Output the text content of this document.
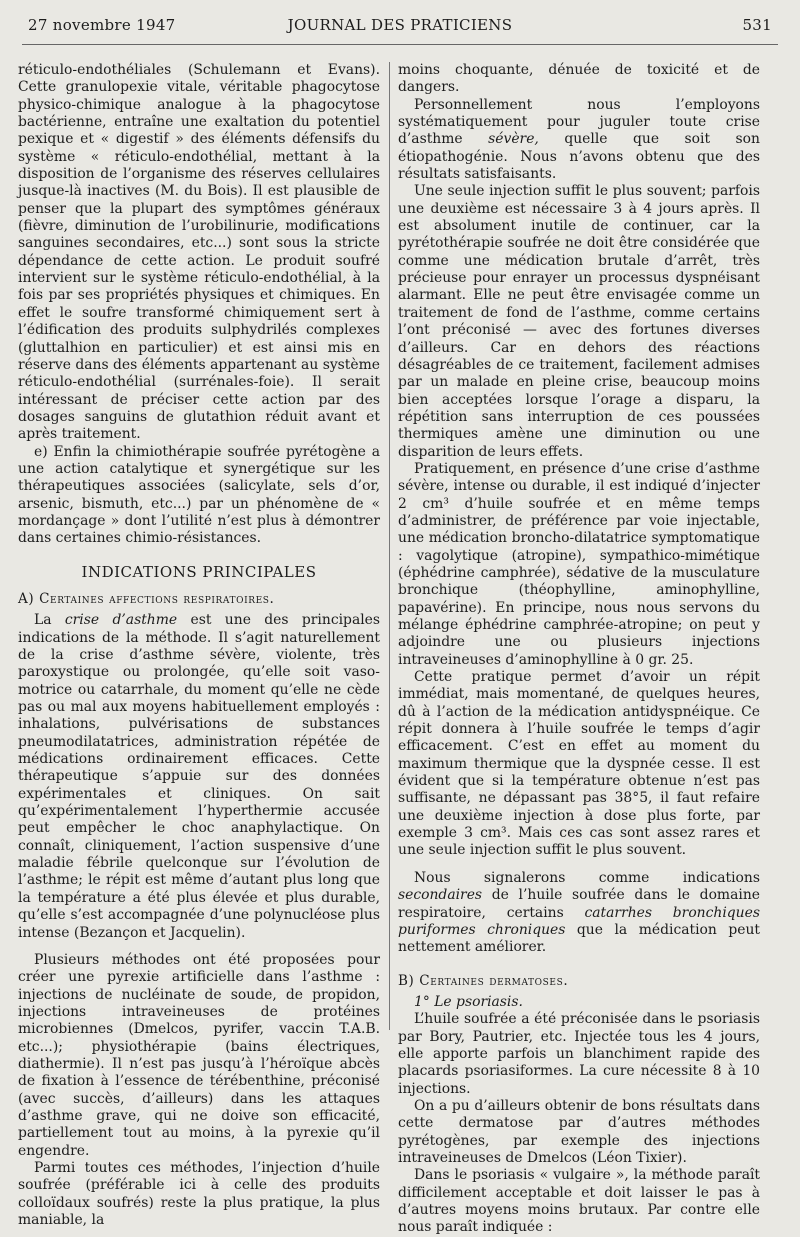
27 novembre 1947	JOURNAL DES PRATICIENS	531

réticulo-endothéliales (Schulemann et Evans). Cette granulopexie vitale, véritable phagocytose physico-chimique analogue à la phagocytose bactérienne, entraîne une exaltation du potentiel pexique et « digestif » des éléments défensifs du système « réticulo-endothélial, mettant à la disposition de l’organisme des réserves cellulaires jusque-là inactives (M. du Bois). Il est plausible de penser que la plupart des symptômes généraux (fièvre, diminution de l’urobilinurie, modifications sanguines secondaires, etc...) sont sous la stricte dépendance de cette action. Le produit soufré intervient sur le système réticulo-endothélial, à la fois par ses propriétés physiques et chimiques. En effet le soufre transformé chimiquement sert à l’édification des produits sulphydrilés complexes (gluttalhion en particulier) et est ainsi mis en réserve dans des éléments appartenant au système réticulo-endothélial (surrénales-foie). Il serait intéressant de préciser cette action par des dosages sanguins de glutathion réduit avant et après traitement.

e) Enfin la chimiothérapie soufrée pyrétogène a une action catalytique et synergétique sur les thérapeutiques associées (salicylate, sels d’or, arsenic, bismuth, etc...) par un phénomène de « mordançage » dont l’utilité n’est plus à démontrer dans certaines chimio-résistances.

INDICATIONS PRINCIPALES

A) Certaines affections respiratoires.

La crise d’asthme est une des principales indications de la méthode. Il s’agit naturellement de la crise d’asthme sévère, violente, très paroxystique ou prolongée, qu’elle soit vaso-motrice ou catarrhale, du moment qu’elle ne cède pas ou mal aux moyens habituellement employés : inhalations, pulvérisations de substances pneumodilatatrices, administration répétée de médications ordinairement efficaces. Cette thérapeutique s’appuie sur des données expérimentales et cliniques. On sait qu’expérimentalement l’hyperthermie accusée peut empêcher le choc anaphylactique. On connaît, cliniquement, l’action suspensive d’une maladie fébrile quelconque sur l’évolution de l’asthme; le répit est même d’autant plus long que la température a été plus élevée et plus durable, qu’elle s’est accompagnée d’une polynucléose plus intense (Bezançon et Jacquelin).

Plusieurs méthodes ont été proposées pour créer une pyrexie artificielle dans l’asthme : injections de nucléinate de soude, de propidon, injections intraveineuses de protéines microbiennes (Dmelcos, pyrifer, vaccin T.A.B. etc...); physiothérapie (bains électriques, diathermie). Il n’est pas jusqu’à l’héroïque abcès de fixation à l’essence de térébenthine, préconisé (avec succès, d’ailleurs) dans les attaques d’asthme grave, qui ne doive son efficacité, partiellement tout au moins, à la pyrexie qu’il engendre.

Parmi toutes ces méthodes, l’injection d’huile soufrée (préférable ici à celle des produits colloïdaux soufrés) reste la plus pratique, la plus maniable, la

moins choquante, dénuée de toxicité et de dangers.

Personnellement nous l’employons systématiquement pour juguler toute crise d’asthme sévère, quelle que soit son étiopathogénie. Nous n’avons obtenu que des résultats satisfaisants.

Une seule injection suffit le plus souvent; parfois une deuxième est nécessaire 3 à 4 jours après. Il est absolument inutile de continuer, car la pyrétothérapie soufrée ne doit être considérée que comme une médication brutale d’arrêt, très précieuse pour enrayer un processus dyspnéisant alarmant. Elle ne peut être envisagée comme un traitement de fond de l’asthme, comme certains l’ont préconisé — avec des fortunes diverses d’ailleurs. Car en dehors des réactions désagréables de ce traitement, facilement admises par un malade en pleine crise, beaucoup moins bien acceptées lorsque l’orage a disparu, la répétition sans interruption de ces poussées thermiques amène une diminution ou une disparition de leurs effets.

Pratiquement, en présence d’une crise d’asthme sévère, intense ou durable, il est indiqué d’injecter 2 cm³ d’huile soufrée et en même temps d’administrer, de préférence par voie injectable, une médication broncho-dilatatrice symptomatique : vagolytique (atropine), sympathico-mimétique (éphédrine camphrée), sédative de la musculature bronchique (théophylline, aminophylline, papavérine). En principe, nous nous servons du mélange éphédrine camphrée-atropine; on peut y adjoindre une ou plusieurs injections intraveineuses d’aminophylline à 0 gr. 25.

Cette pratique permet d’avoir un répit immédiat, mais momentané, de quelques heures, dû à l’action de la médication antidyspnéique. Ce répit donnera à l’huile soufrée le temps d’agir efficacement. C’est en effet au moment du maximum thermique que la dyspnée cesse. Il est évident que si la température obtenue n’est pas suffisante, ne dépassant pas 38°5, il faut refaire une deuxième injection à dose plus forte, par exemple 3 cm³. Mais ces cas sont assez rares et une seule injection suffit le plus souvent.

Nous signalerons comme indications secondaires de l’huile soufrée dans le domaine respiratoire, certains catarrhes bronchiques puriformes chroniques que la médication peut nettement améliorer.

B) Certaines dermatoses.

1° Le psoriasis.

L’huile soufrée a été préconisée dans le psoriasis par Bory, Pautrier, etc. Injectée tous les 4 jours, elle apporte parfois un blanchiment rapide des placards psoriasiformes. La cure nécessite 8 à 10 injections.

On a pu d’ailleurs obtenir de bons résultats dans cette dermatose par d’autres méthodes pyrétogènes, par exemple des injections intraveineuses de Dmelcos (Léon Tixier).

Dans le psoriasis « vulgaire », la méthode paraît difficilement acceptable et doit laisser le pas à d’autres moyens moins brutaux. Par contre elle nous paraît indiquée :
